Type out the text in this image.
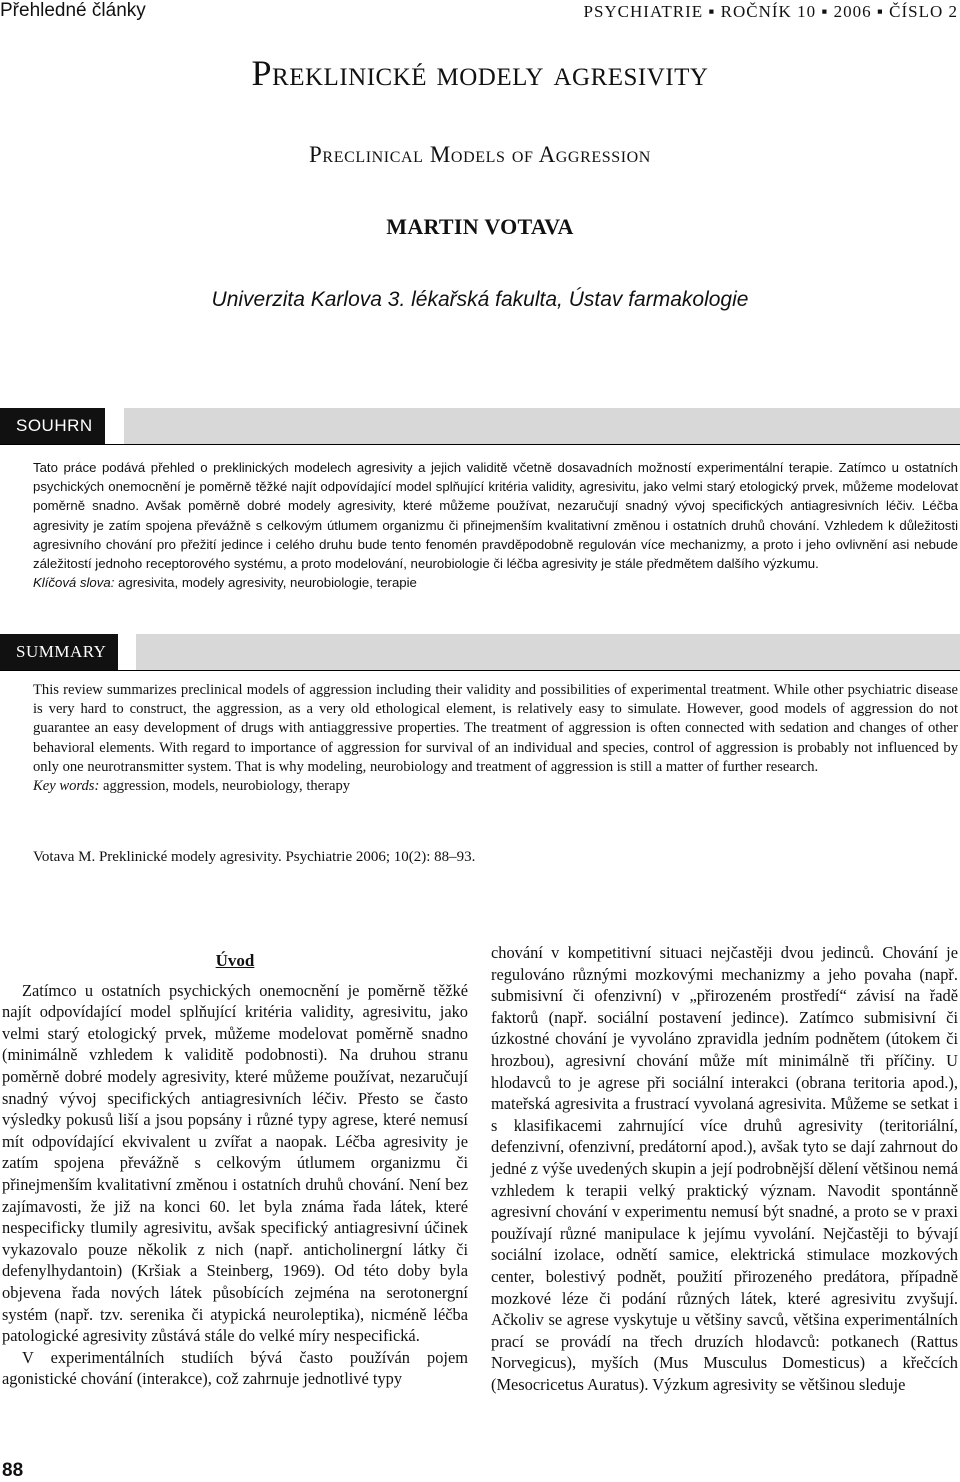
Přehledné články	PSYCHIATRIE ▪ ROČNÍK 10 ▪ 2006 ▪ ČÍSLO 2
Preklinické modely agresivity
Preclinical Models of Aggression
MARTIN VOTAVA
Univerzita Karlova 3. lékařská fakulta, Ústav farmakologie
SOUHRN

Tato práce podává přehled o preklinických modelech agresivity a jejich validitě včetně dosavadních možností experimentální terapie. Zatímco u ostatních psychických onemocnění je poměrně těžké najít odpovídající model splňující kritéria validity, agresivitu, jako velmi starý etologický prvek, můžeme modelovat poměrně snadno. Avšak poměrně dobré modely agresivity, které můžeme používat, nezaručují snadný vývoj specifických antiagresivních léčiv. Léčba agresivity je zatím spojena převážně s celkovým útlumem organizmu či přinejmenším kvalitativní změnou i ostatních druhů chování. Vzhledem k důležitosti agresivního chování pro přežití jedince i celého druhu bude tento fenomén pravděpodobně regulován více mechanizmy, a proto i jeho ovlivnění asi nebude záležitostí jednoho receptorového systému, a proto modelování, neurobiologie či léčba agresivity je stále předmětem dalšího výzkumu.

Klíčová slova: agresivita, modely agresivity, neurobiologie, terapie

SUMMARY

This review summarizes preclinical models of aggression including their validity and possibilities of experimental treatment. While other psychiatric disease is very hard to construct, the aggression, as a very old ethological element, is relatively easy to simulate. However, good models of aggression do not guarantee an easy development of drugs with antiaggressive properties. The treatment of aggression is often connected with sedation and changes of other behavioral elements. With regard to importance of aggression for survival of an individual and species, control of aggression is probably not influenced by only one neurotransmitter system. That is why modeling, neurobiology and treatment of aggression is still a matter of further research.

Key words: aggression, models, neurobiology, therapy

Votava M. Preklinické modely agresivity. Psychiatrie 2006; 10(2): 88–93.

Úvod

Zatímco u ostatních psychických onemocnění je poměrně těžké najít odpovídající model splňující kritéria validity, agresivitu, jako velmi starý etologický prvek, můžeme modelovat poměrně snadno (minimálně vzhledem k validitě podobnosti). Na druhou stranu poměrně dobré modely agresivity, které můžeme používat, nezaručují snadný vývoj specifických antiagresivních léčiv. Přesto se často výsledky pokusů liší a jsou popsány i různé typy agrese, které nemusí mít odpovídající ekvivalent u zvířat a naopak. Léčba agresivity je zatím spojena převážně s celkovým útlumem organizmu či přinejmenším kvalitativní změnou i ostatních druhů chování. Není bez zajímavosti, že již na konci 60. let byla známa řada látek, které nespecificky tlumily agresivitu, avšak specifický antiagresivní účinek vykazovalo pouze několik z nich (např. anticholinergní látky či defenylhydantoin) (Kršiak a Steinberg, 1969). Od této doby byla objevena řada nových látek působících zejména na serotonergní systém (např. tzv. serenika či atypická neuroleptika), nicméně léčba patologické agresivity zůstává stále do velké míry nespecifická.

V experimentálních studiích bývá často používán pojem agonistické chování (interakce), což zahrnuje jednotlivé typy

chování v kompetitivní situaci nejčastěji dvou jedinců. Chování je regulováno různými mozkovými mechanizmy a jeho povaha (např. submisivní či ofenzivní) v „přirozeném prostředí“ závisí na řadě faktorů (např. sociální postavení jedince). Zatímco submisivní či úzkostné chování je vyvoláno zpravidla jedním podnětem (útokem či hrozbou), agresivní chování může mít minimálně tři příčiny. U hlodavců to je agrese při sociální interakci (obrana teritoria apod.), mateřská agresivita a frustrací vyvolaná agresivita. Můžeme se setkat i s klasifikacemi zahrnující více druhů agresivity (teritoriální, defenzivní, ofenzivní, predátorní apod.), avšak tyto se dají zahrnout do jedné z výše uvedených skupin a její podrobnější dělení většinou nemá vzhledem k terapii velký praktický význam. Navodit spontánně agresivní chování v experimentu nemusí být snadné, a proto se v praxi používají různé manipulace k jejímu vyvolání. Nejčastěji to bývají sociální izolace, odnětí samice, elektrická stimulace mozkových center, bolestivý podnět, použití přirozeného predátora, případně mozkové léze či podání různých látek, které agresivitu zvyšují. Ačkoliv se agrese vyskytuje u většiny savců, většina experimentálních prací se provádí na třech druzích hlodavců: potkanech (Rattus Norvegicus), myších (Mus Musculus Domesticus) a křečcích (Mesocricetus Auratus). Výzkum agresivity se většinou sleduje

88
